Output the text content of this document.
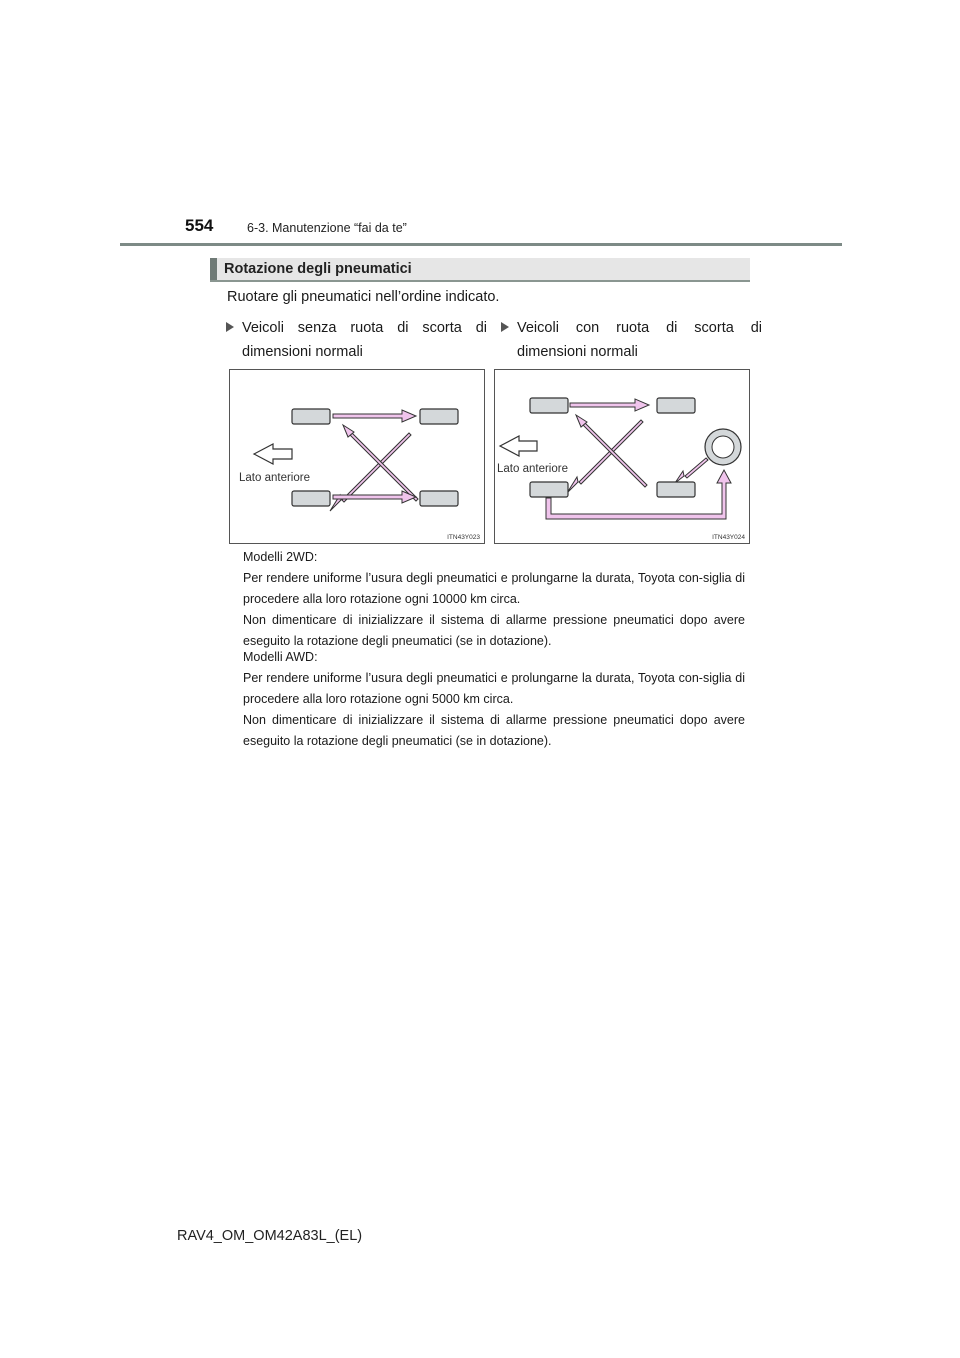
554	6-3. Manutenzione “fai da te”
Rotazione degli pneumatici
Ruotare gli pneumatici nell’ordine indicato.
Veicoli senza ruota di scorta di dimensioni normali
Veicoli con ruota di scorta di dimensioni normali
Lato anteriore
ITN43Y023
Lato anteriore
ITN43Y024

Modelli 2WD:

Per rendere uniforme l’usura degli pneumatici e prolungarne la durata, Toyota con-siglia di procedere alla loro rotazione ogni 10000 km circa.

Non dimenticare di inizializzare il sistema di allarme pressione pneumatici dopo avere eseguito la rotazione degli pneumatici (se in dotazione).

Modelli AWD:

Per rendere uniforme l’usura degli pneumatici e prolungarne la durata, Toyota con-siglia di procedere alla loro rotazione ogni 5000 km circa.

Non dimenticare di inizializzare il sistema di allarme pressione pneumatici dopo avere eseguito la rotazione degli pneumatici (se in dotazione).

RAV4_OM_OM42A83L_(EL)
